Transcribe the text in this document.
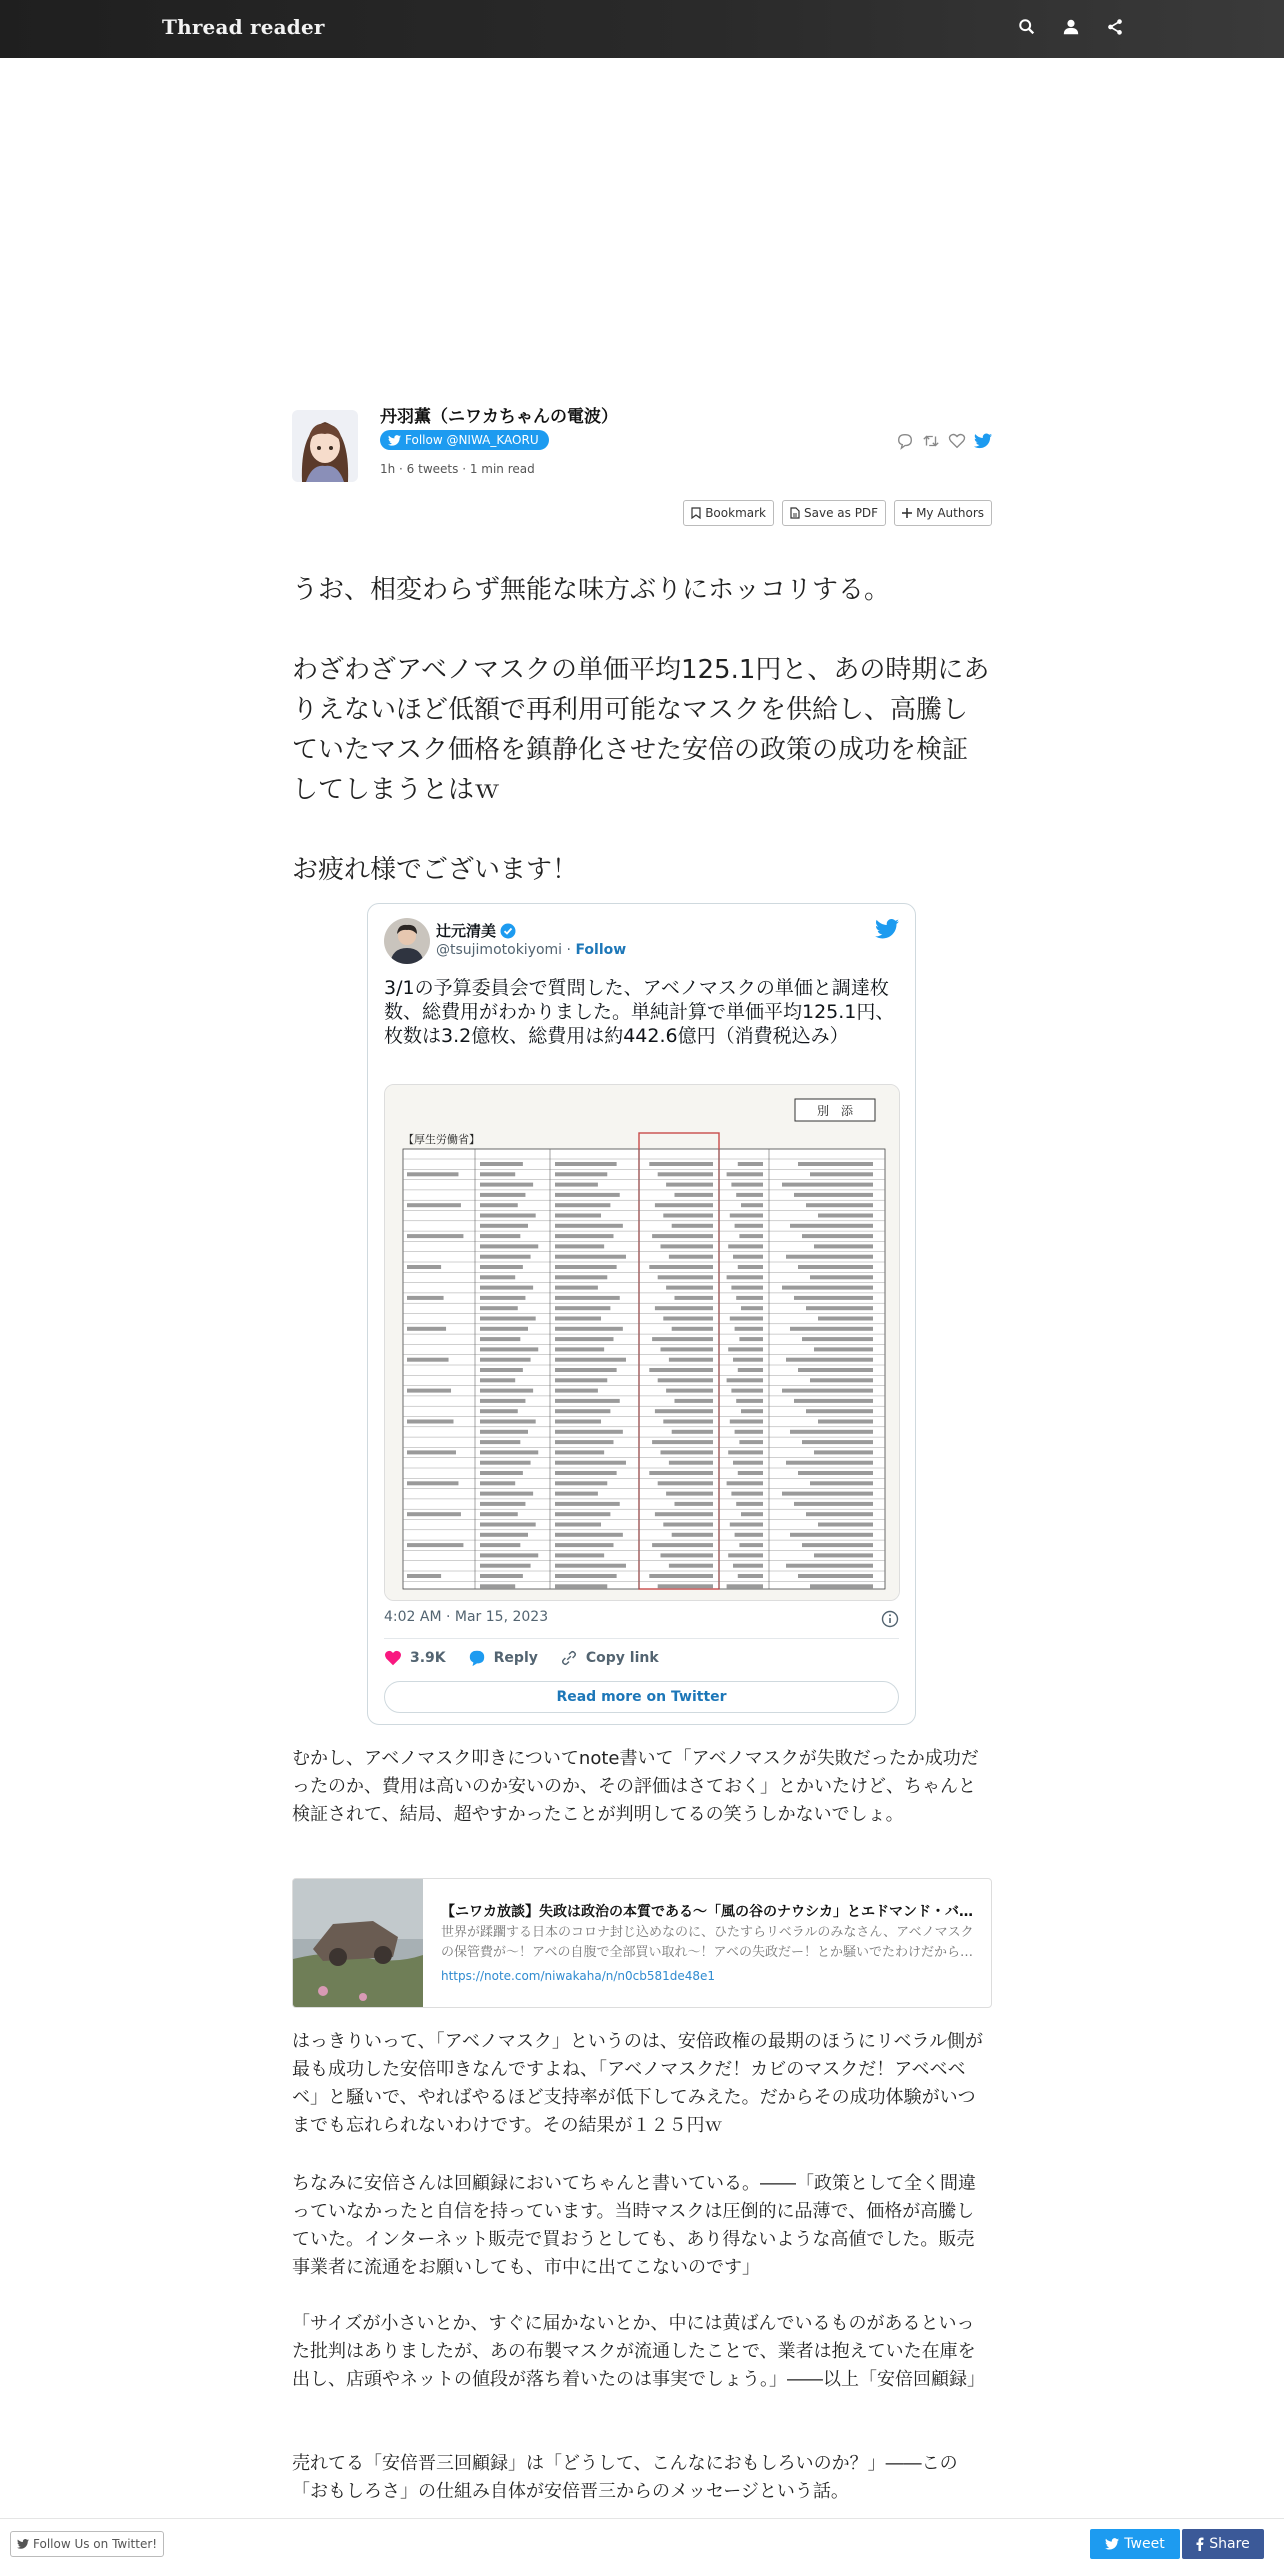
Thread reader
丹羽薫（ニワカちゃんの電波）
Follow @NIWA_KAORU
1h · 6 tweets · 1 min read
Bookmark	Save as PDF	My Authors

うお、相変わらず無能な味方ぶりにホッコリする。

わざわざアベノマスクの単価平均125.1円と、あの時期にありえないほど低額で再利用可能なマスクを供給し、高騰していたマスク価格を鎮静化させた安倍の政策の成功を検証してしまうとはｗ

お疲れ様でございます！

辻元清美
@tsujimotokiyomi · Follow
3/1の予算委員会で質問した、アベノマスクの単価と調達枚数、総費用がわかりました。単純計算で単価平均125.1円、枚数は3.2億枚、総費用は約442.6億円（消費税込み）
別　添
【厚生労働省】
4:02 AM · Mar 15, 2023
3.9K	Reply	Copy link
Read more on Twitter
むかし、アベノマスク叩きについてnote書いて「アベノマスクが失敗だったか成功だったのか、費用は高いのか安いのか、その評価はさておく」とかいたけど、ちゃんと検証されて、結局、超やすかったことが判明してるの笑うしかないでしょ。
【ニワカ放談】失政は政治の本質である～「風の谷のナウシカ」とエドマンド・バ…
世界が蹂躙する日本のコロナ封じ込めなのに、ひたすらリベラルのみなさん、アベノマスクの保管費が～！アベの自腹で全部買い取れ～！アベの失政だー！とか騒いでたわけだから…
https://note.com/niwakaha/n/n0cb581de48e1
はっきりいって、「アベノマスク」というのは、安倍政権の最期のほうにリベラル側が最も成功した安倍叩きなんですよね、「アベノマスクだ！カビのマスクだ！アベベベベ」と騒いで、やればやるほど支持率が低下してみえた。だからその成功体験がいつまでも忘れられないわけです。その結果が１２５円ｗ
ちなみに安倍さんは回顧録においてちゃんと書いている。――「政策として全く間違っていなかったと自信を持っています。当時マスクは圧倒的に品薄で、価格が高騰していた。インターネット販売で買おうとしても、あり得ないような高値でした。販売事業者に流通をお願いしても、市中に出てこないのです」
「サイズが小さいとか、すぐに届かないとか、中には黄ばんでいるものがあるといった批判はありましたが、あの布製マスクが流通したことで、業者は抱えていた在庫を出し、店頭やネットの値段が落ち着いたのは事実でしょう。」――以上「安倍回顧録」
売れてる「安倍晋三回顧録」は「どうして、こんなにおもしろいのか？」――この「おもしろさ」の仕組み自体が安倍晋三からのメッセージという話。
Follow Us on Twitter!	Tweet	Share
